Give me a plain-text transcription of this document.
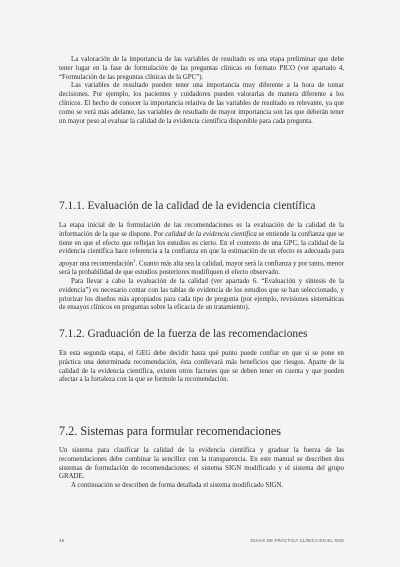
La valoración de la importancia de las variables de resultado es una etapa preliminar que debe tener lugar en la fase de formulación de las preguntas clínicas en formato PICO (ver apartado 4, “Formulación de las preguntas clínicas de la GPC”).

Las variables de resultado pueden tener una importancia muy diferente a la hora de tomar decisiones. Por ejemplo, los pacientes y cuidadores pueden valorarlas de manera diferente a los clínicos. El hecho de conocer la importancia relativa de las variables de resultado es relevante, ya que como se verá más adelante, las variables de resultado de mayor importancia son las que deberán tener un mayor peso al evaluar la calidad de la evidencia científica disponible para cada pregunta.

7.1.1. Evaluación de la calidad de la evidencia científica

La etapa inicial de la formulación de las recomendaciones es la evaluación de la calidad de la información de la que se dispone. Por calidad de la evidencia científica se entiende la confianza que se tiene en que el efecto que reflejan los estudios es cierto. En el contexto de una GPC, la calidad de la evidencia científica hace referencia a la confianza en que la estimación de un efecto es adecuada para apoyar una recomendación$^1$. Cuanto más alta sea la calidad, mayor será la confianza y por tanto, menor será la probabilidad de que estudios posteriores modifiquen el efecto observado.

Para llevar a cabo la evaluación de la calidad (ver apartado 6. “Evaluación y síntesis de la evidencia”) es necesario contar con las tablas de evidencia de los estudios que se han seleccionado, y priorizar los diseños más apropiados para cada tipo de pregunta (por ejemplo, revisiones sistemáticas de ensayos clínicos en preguntas sobre la eficacia de un tratamiento).

7.1.2. Graduación de la fuerza de las recomendaciones

En esta segunda etapa, el GEG debe decidir hasta qué punto puede confiar en que si se pone en práctica una determinada recomendación, ésta conllevará más beneficios que riesgos. Aparte de la calidad de la evidencia científica, existen otros factores que se deben tener en cuenta y que pueden afectar a la fortaleza con la que se formule la recomendación.

7.2. Sistemas para formular recomendaciones

Un sistema para clasificar la calidad de la evidencia científica y graduar la fuerza de las recomendaciones debe combinar la sencillez con la transparencia. En este manual se describen dos sistemas de formulación de recomendaciones: el sistema SIGN modificado y el sistema del grupo GRADE.

A continuación se describen de forma detallada el sistema modificado SIGN.

46	GUÍAS DE PRÁCTICA CLÍNICA EN EL SNS
